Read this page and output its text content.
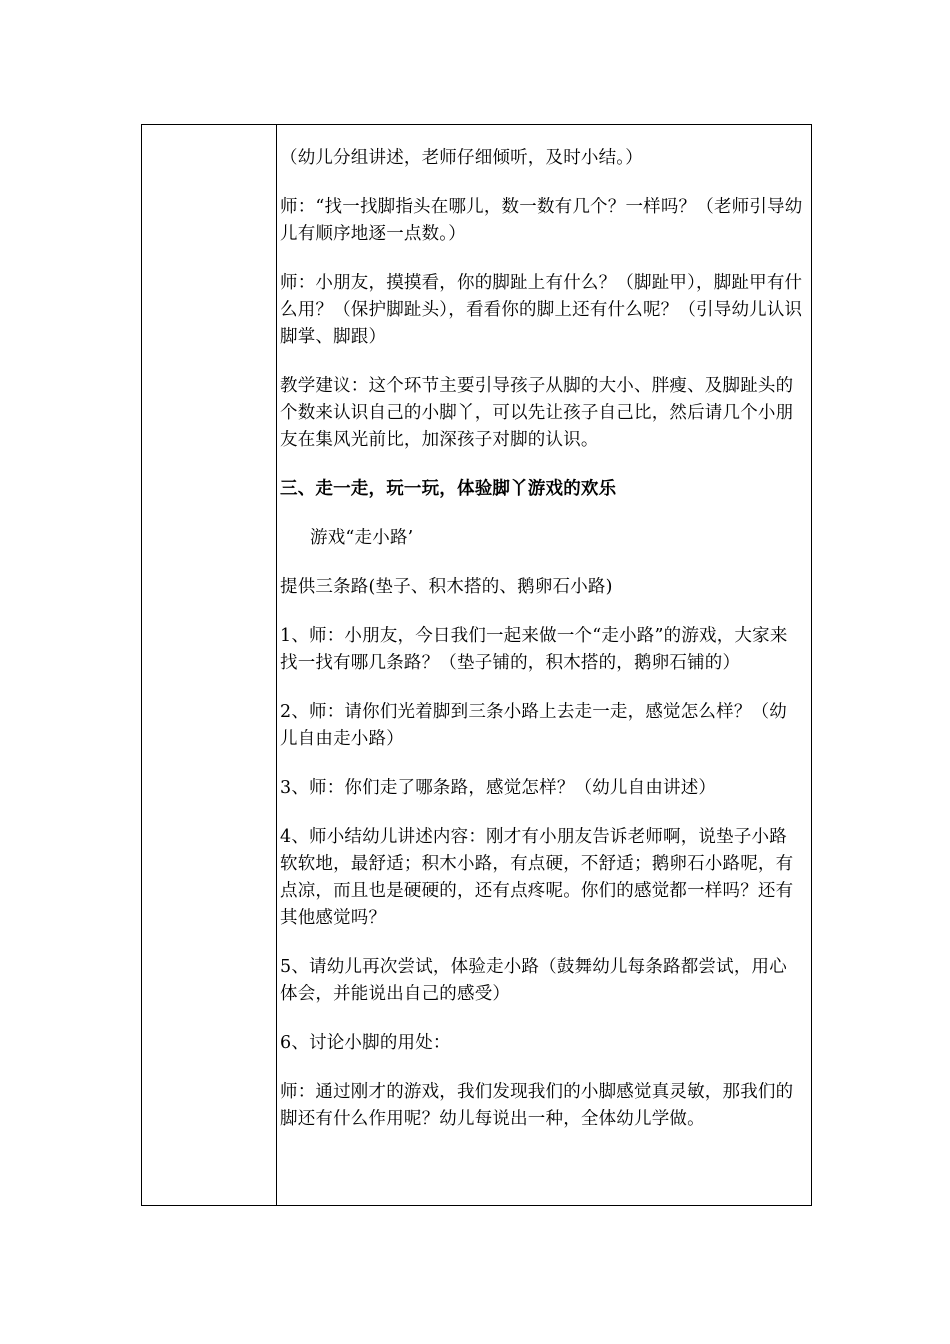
（幼儿分组讲述，老师仔细倾听，及时小结。）

师：“找一找脚指头在哪儿，数一数有几个？一样吗？（老师引导幼儿有顺序地逐一点数。）

师：小朋友，摸摸看，你的脚趾上有什么？（脚趾甲），脚趾甲有什么用？（保护脚趾头），看看你的脚上还有什么呢？（引导幼儿认识脚掌、脚跟）

教学建议：这个环节主要引导孩子从脚的大小、胖瘦、及脚趾头的个数来认识自己的小脚丫，可以先让孩子自己比，然后请几个小朋友在集风光前比，加深孩子对脚的认识。

三、走一走，玩一玩，体验脚丫游戏的欢乐

游戏“走小路’

提供三条路(垫子、积木搭的、鹅卵石小路)

1、师：小朋友，今日我们一起来做一个“走小路”的游戏，大家来找一找有哪几条路？（垫子铺的，积木搭的，鹅卵石铺的）

2、师：请你们光着脚到三条小路上去走一走，感觉怎么样？（幼儿自由走小路）

3、师：你们走了哪条路，感觉怎样？（幼儿自由讲述）

4、师小结幼儿讲述内容：刚才有小朋友告诉老师啊，说垫子小路软软地，最舒适；积木小路，有点硬，不舒适；鹅卵石小路呢，有点凉，而且也是硬硬的，还有点疼呢。你们的感觉都一样吗？还有其他感觉吗？

5、请幼儿再次尝试，体验走小路（鼓舞幼儿每条路都尝试，用心体会，并能说出自己的感受）

6、讨论小脚的用处：

师：通过刚才的游戏，我们发现我们的小脚感觉真灵敏，那我们的脚还有什么作用呢？幼儿每说出一种，全体幼儿学做。
